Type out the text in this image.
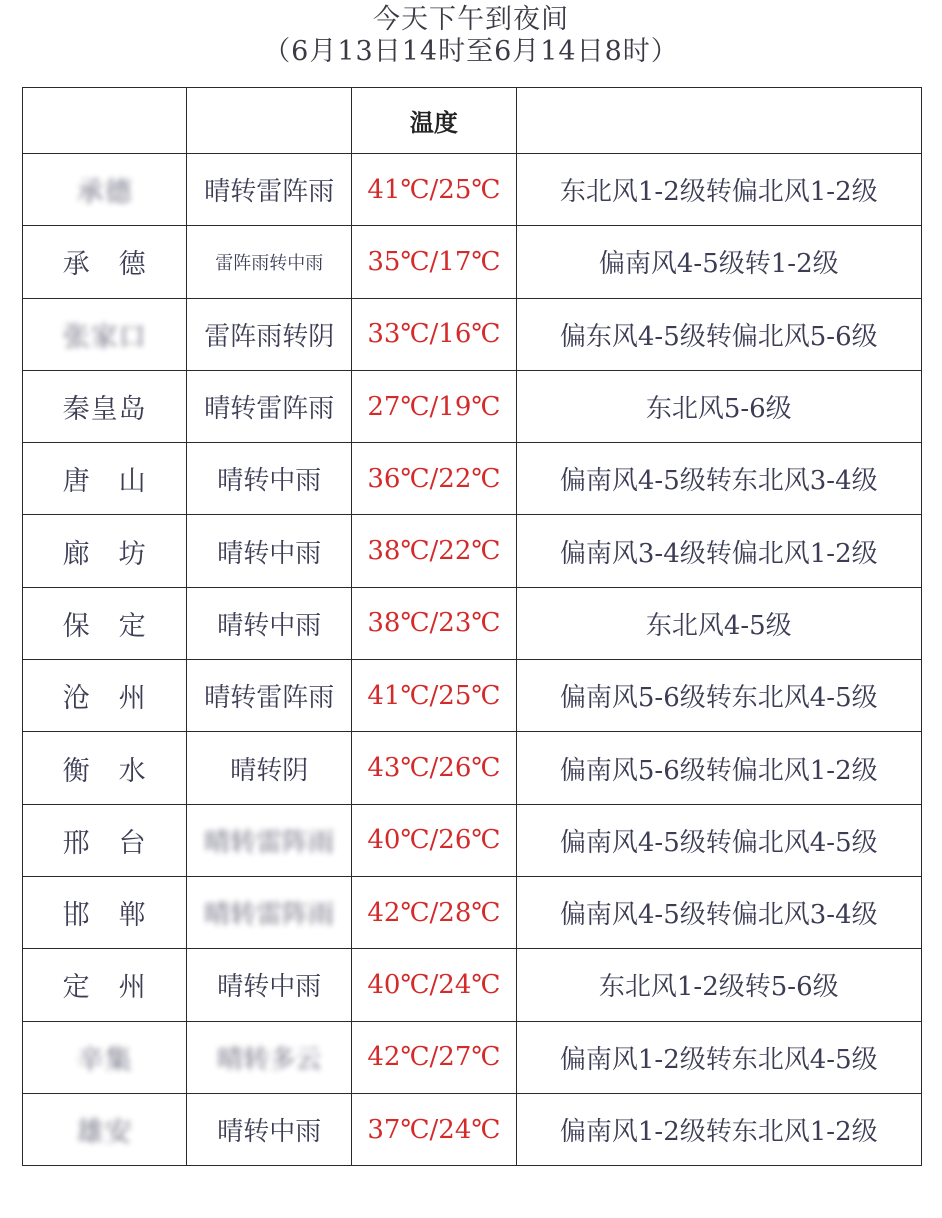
今天下午到夜间
（6月13日14时至6月14日8时）
		温度	
承德	晴转雷阵雨	41℃/25℃	东北风1-2级转偏北风1-2级
承　德	雷阵雨转中雨	35℃/17℃	偏南风4-5级转1-2级
张家口	雷阵雨转阴	33℃/16℃	偏东风4-5级转偏北风5-6级
秦皇岛	晴转雷阵雨	27℃/19℃	东北风5-6级
唐　山	晴转中雨	36℃/22℃	偏南风4-5级转东北风3-4级
廊　坊	晴转中雨	38℃/22℃	偏南风3-4级转偏北风1-2级
保　定	晴转中雨	38℃/23℃	东北风4-5级
沧　州	晴转雷阵雨	41℃/25℃	偏南风5-6级转东北风4-5级
衡　水	晴转阴	43℃/26℃	偏南风5-6级转偏北风1-2级
邢　台	晴转雷阵雨	40℃/26℃	偏南风4-5级转偏北风4-5级
邯　郸	晴转雷阵雨	42℃/28℃	偏南风4-5级转偏北风3-4级
定　州	晴转中雨	40℃/24℃	东北风1-2级转5-6级
辛集	晴转多云	42℃/27℃	偏南风1-2级转东北风4-5级
雄安	晴转中雨	37℃/24℃	偏南风1-2级转东北风1-2级
